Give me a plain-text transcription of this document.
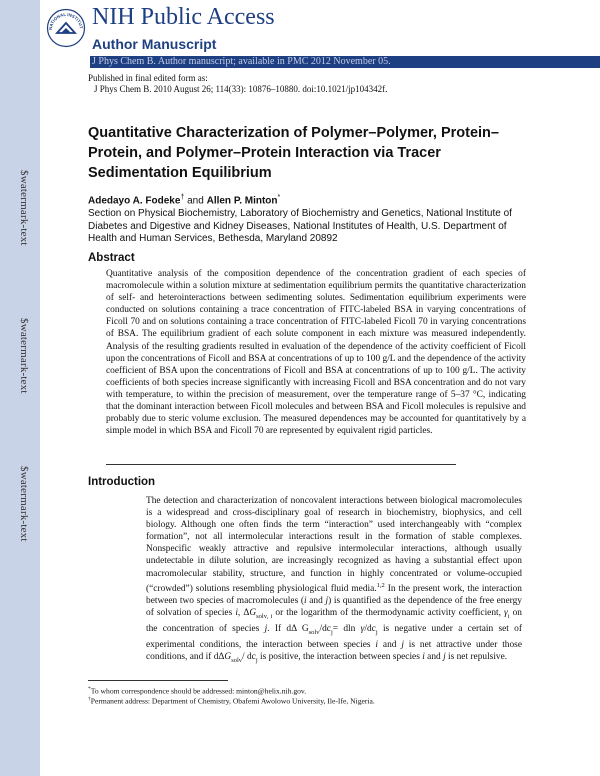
$watermark-text
$watermark-text
$watermark-text
NATIONAL INSTITUT NIH Public Access
Author Manuscript
J Phys Chem B. Author manuscript; available in PMC 2012 November 05.
Published in final edited form as:
J Phys Chem B. 2010 August 26; 114(33): 10876–10880. doi:10.1021/jp104342f.
Quantitative Characterization of Polymer–Polymer, Protein–Protein, and Polymer–Protein Interaction via Tracer Sedimentation Equilibrium
Adedayo A. Fodeke† and Allen P. Minton*
Section on Physical Biochemistry, Laboratory of Biochemistry and Genetics, National Institute of Diabetes and Digestive and Kidney Diseases, National Institutes of Health, U.S. Department of Health and Human Services, Bethesda, Maryland 20892
Abstract
Quantitative analysis of the composition dependence of the concentration gradient of each species of macromolecule within a solution mixture at sedimentation equilibrium permits the quantitative characterization of self- and heterointeractions between sedimenting solutes. Sedimentation equilibrium experiments were conducted on solutions containing a trace concentration of FITC-labeled BSA in varying concentrations of Ficoll 70 and on solutions containing a trace concentration of FITC-labeled Ficoll 70 in varying concentrations of BSA. The equilibrium gradient of each solute component in each mixture was measured independently. Analysis of the resulting gradients resulted in evaluation of the dependence of the activity coefficient of Ficoll upon the concentrations of Ficoll and BSA at concentrations of up to 100 g/L and the dependence of the activity coefficient of BSA upon the concentrations of Ficoll and BSA at concentrations of up to 100 g/L. The activity coefficients of both species increase significantly with increasing Ficoll and BSA concentration and do not vary with temperature, to within the precision of measurement, over the temperature range of 5–37 °C, indicating that the dominant interaction between Ficoll molecules and between BSA and Ficoll molecules is repulsive and probably due to steric volume exclusion. The measured dependences may be accounted for quantitatively by a simple model in which BSA and Ficoll 70 are represented by equivalent rigid particles.
Introduction
The detection and characterization of noncovalent interactions between biological macromolecules is a widespread and cross-disciplinary goal of research in biochemistry, biophysics, and cell biology. Although one often finds the term “interaction” used interchangeably with “complex formation”, not all intermolecular interactions result in the formation of stable complexes. Nonspecific weakly attractive and repulsive intermolecular interactions, although usually undetectable in dilute solution, are increasingly recognized as having a substantial effect upon macromolecular stability, structure, and function in highly concentrated or volume-occupied (“crowded”) solutions resembling physiological fluid media.$^{1,2}$ In the present work, the interaction between two species of macromolecules (i and j) is quantified as the dependence of the free energy of solvation of species i, $\Delta G_{solv, i}$ or the logarithm of the thermodynamic activity coefficient, $\gamma_i$ on the concentration of species j. If dΔ $G_{solv}/dc_j= dln$ $\gamma/dc_j$ is negative under a certain set of experimental conditions, the interaction between species i and j is net attractive under those conditions, and if dΔG$_{solv}$/ $dc_j$ is positive, the interaction between species i and j is net repulsive.
*To whom correspondence should be addressed: minton@helix.nih.gov.
†Permanent address: Department of Chemistry, Obafemi Awolowo University, Ile-Ife, Nigeria.
